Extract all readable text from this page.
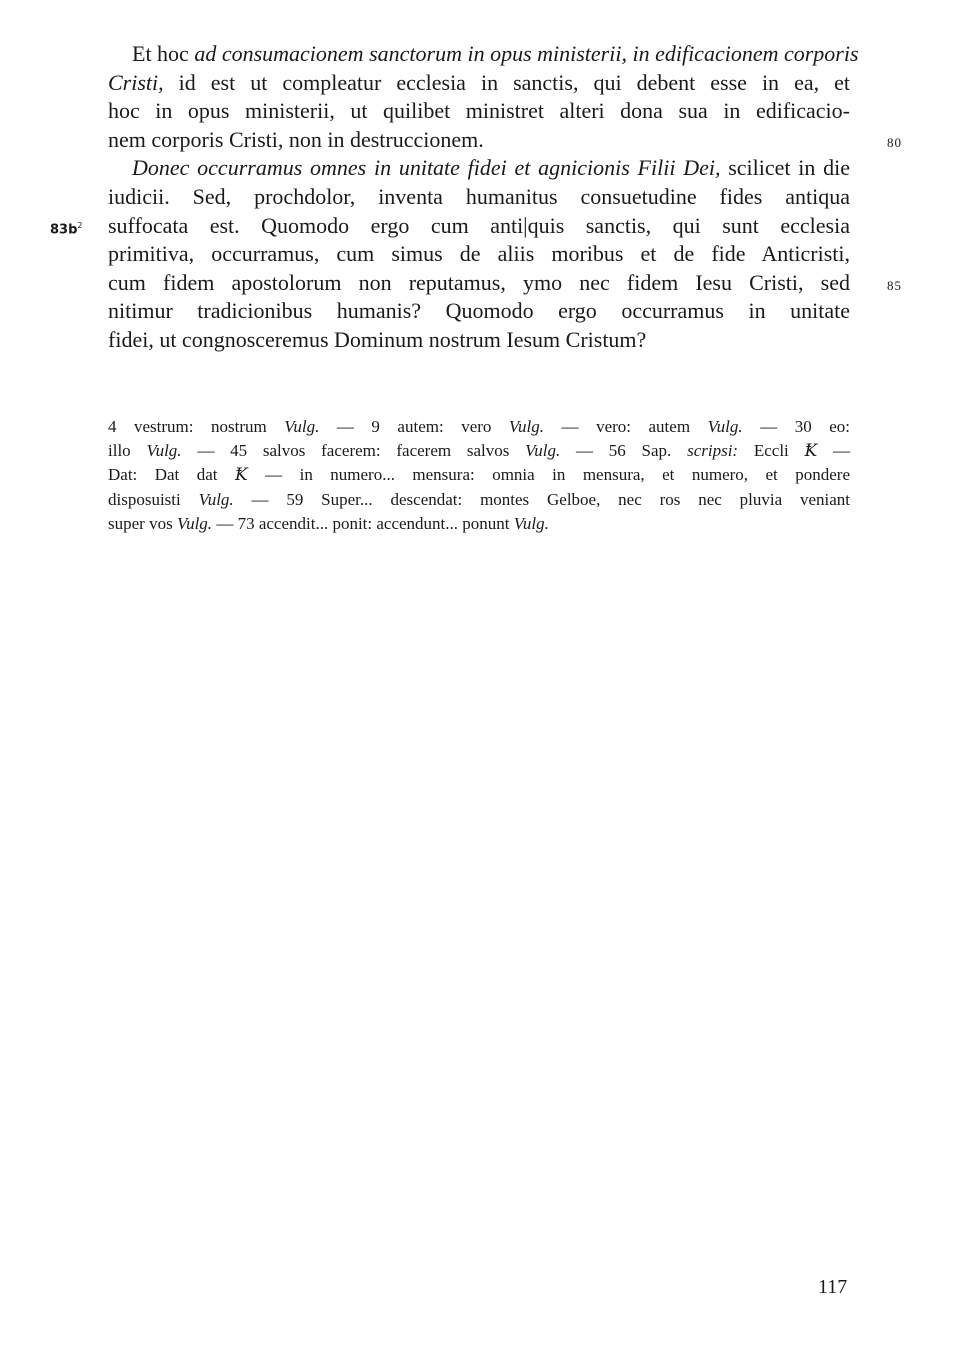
Et hoc ad consumacionem sanctorum in opus ministerii, in edificacionem corporis
Cristi, id est ut compleatur ecclesia in sanctis, qui debent esse in ea, et
hoc in opus ministerii, ut quilibet ministret alteri dona sua in edificacio-
nem corporis Cristi, non in destruccionem.
Donec occurramus omnes in unitate fidei et agnicionis Filii Dei, scilicet in die
iudicii. Sed, prochdolor, inventa humanitus consuetudine fides antiqua
suffocata est. Quomodo ergo cum anti|quis sanctis, qui sunt ecclesia
primitiva, occurramus, cum simus de aliis moribus et de fide Anticristi,
cum fidem apostolorum non reputamus, ymo nec fidem Iesu Cristi, sed
nitimur tradicionibus humanis? Quomodo ergo occurramus in unitate
fidei, ut congnosceremus Dominum nostrum Iesum Cristum?
80
85
$83b^2$
4 vestrum: nostrum Vulg. — 9 autem: vero Vulg. — vero: autem Vulg. — 30 eo:
illo Vulg. — 45 salvos facerem: facerem salvos Vulg. — 56 Sap. scripsi: Eccli Ꝁ —
Dat: Dat dat Ꝁ — in numero... mensura: omnia in mensura, et numero, et pondere
disposuisti Vulg. — 59 Super... descendat: montes Gelboe, nec ros nec pluvia veniant
super vos Vulg. — 73 accendit... ponit: accendunt... ponunt Vulg.
117
